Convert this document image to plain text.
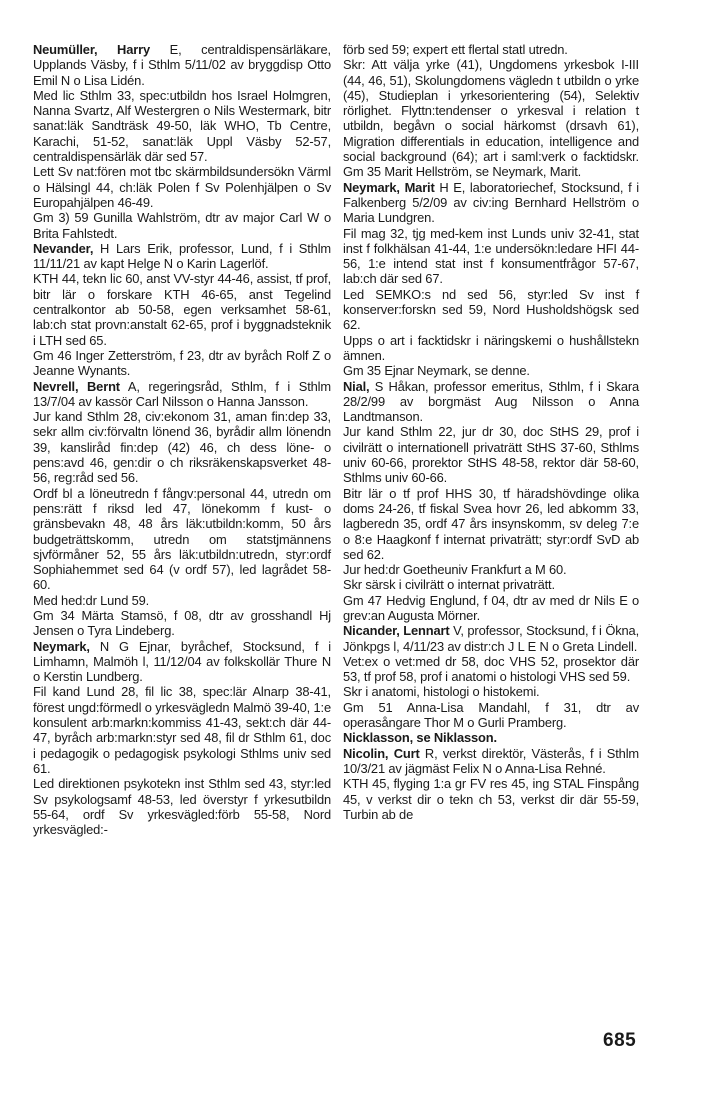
Neumüller, Harry E, centraldispensärläkare, Upplands Väsby, f i Sthlm 5/11/02 av bryggdisp Otto Emil N o Lisa Lidén.

Med lic Sthlm 33, spec:utbildn hos Israel Holmgren, Nanna Svartz, Alf Westergren o Nils Westermark, bitr sanat:läk Sandträsk 49-50, läk WHO, Tb Centre, Karachi, 51-52, sanat:läk Uppl Väsby 52-57, centraldispensärläk där sed 57.

Lett Sv nat:fören mot tbc skärmbildsundersökn Värml o Hälsingl 44, ch:läk Polen f Sv Polenhjälpen o Sv Europahjälpen 46-49.

Gm 3) 59 Gunilla Wahlström, dtr av major Carl W o Brita Fahlstedt.

Nevander, H Lars Erik, professor, Lund, f i Sthlm 11/11/21 av kapt Helge N o Karin Lagerlöf.

KTH 44, tekn lic 60, anst VV-styr 44-46, assist, tf prof, bitr lär o forskare KTH 46-65, anst Tegelind centralkontor ab 50-58, egen verksamhet 58-61, lab:ch stat provn:anstalt 62-65, prof i byggnadsteknik i LTH sed 65.

Gm 46 Inger Zetterström, f 23, dtr av byråch Rolf Z o Jeanne Wynants.

Nevrell, Bernt A, regeringsråd, Sthlm, f i Sthlm 13/7/04 av kassör Carl Nilsson o Hanna Jansson.

Jur kand Sthlm 28, civ:ekonom 31, aman fin:dep 33, sekr allm civ:förvaltn lönend 36, byrådir allm lönendn 39, kanslіråd fin:dep (42) 46, ch dess löne- o pens:avd 46, gen:dir o ch riksräkenskapsverket 48-56, reg:råd sed 56.

Ordf bl a löneutredn f fångv:personal 44, utredn om pens:rätt f riksd led 47, lönekomm f kust- o gränsbevakn 48, 48 års läk:utbildn:komm, 50 års budgeträttskomm, utredn om statstjmännens sjvförmåner 52, 55 års läk:utbildn:utredn, styr:ordf Sophiahemmet sed 64 (v ordf 57), led lagrådet 58-60.

Med hed:dr Lund 59.

Gm 34 Märta Stamsö, f 08, dtr av grosshandl Hj Jensen o Tyra Lindeberg.

Neymark, N G Ejnar, byråchef, Stocksund, f i Limhamn, Malmöh l, 11/12/04 av folkskollär Thure N o Kerstin Lundberg.

Fil kand Lund 28, fil lic 38, spec:lär Alnarp 38-41, förest ungd:förmedl o yrkesvägledn Malmö 39-40, 1:e konsulent arb:markn:kommiss 41-43, sekt:ch där 44-47, byråch arb:markn:styr sed 48, fil dr Sthlm 61, doc i pedagogik o pedagogisk psykologi Sthlms univ sed 61.

Led direktionen psykotekn inst Sthlm sed 43, styr:led Sv psykologsamf 48-53, led överstyr f yrkesutbildn 55-64, ordf Sv yrkesvägled:förb 55-58, Nord yrkesvägled:-

förb sed 59; expert ett flertal statl utredn.

Skr: Att välja yrke (41), Ungdomens yrkesbok I-III (44, 46, 51), Skolungdomens vägledn t utbildn o yrke (45), Studieplan i yrkesorientering (54), Selektiv rörlighet. Flyttn:tendenser o yrkesval i relation t utbildn, begåvn o social härkomst (drsavh 61), Migration differentials in education, intelligence and social background (64); art i saml:verk o facktidskr. Gm 35 Marit Hellström, se Neymark, Marit.

Neymark, Marit H E, laboratoriechef, Stocksund, f i Falkenberg 5/2/09 av civ:ing Bernhard Hellström o Maria Lundgren.

Fil mag 32, tjg med-kem inst Lunds univ 32-41, stat inst f folkhälsan 41-44, 1:e undersökn:ledare HFI 44-56, 1:e intend stat inst f konsumentfrågor 57-67, lab:ch där sed 67.

Led SEMKO:s nd sed 56, styr:led Sv inst f konserver:forskn sed 59, Nord Husholdshögsk sed 62.

Upps o art i facktidskr i näringskemi o hushållstekn ämnen.

Gm 35 Ejnar Neymark, se denne.

Nial, S Håkan, professor emeritus, Sthlm, f i Skara 28/2/99 av borgmäst Aug Nilsson o Anna Landtmanson.

Jur kand Sthlm 22, jur dr 30, doc StHS 29, prof i civilrätt o internationell privaträtt StHS 37-60, Sthlms univ 60-66, prorektor StHS 48-58, rektor där 58-60, Sthlms univ 60-66.

Bitr lär o tf prof HHS 30, tf häradshövdinge olika doms 24-26, tf fiskal Svea hovr 26, led abkomm 33, lagberedn 35, ordf 47 års insynskomm, sv deleg 7:e o 8:e Haagkonf f internat privaträtt; styr:ordf SvD ab sed 62.

Jur hed:dr Goetheuniv Frankfurt a M 60.

Skr särsk i civilrätt o internat privaträtt.

Gm 47 Hedvig Englund, f 04, dtr av med dr Nils E o grev:an Augusta Mörner.

Nicander, Lennart V, professor, Stocksund, f i Ökna, Jönkpgs l, 4/11/23 av distr:ch J L E N o Greta Lindell.

Vet:ex o vet:med dr 58, doc VHS 52, prosektor där 53, tf prof 58, prof i anatomi o histologi VHS sed 59.

Skr i anatomi, histologi o histokemi.

Gm 51 Anna-Lisa Mandahl, f 31, dtr av operasångare Thor M o Gurli Pramberg.

Nicklasson, se Niklasson.

Nicolin, Curt R, verkst direktör, Västerås, f i Sthlm 10/3/21 av jägmäst Felix N o Anna-Lisa Rehné.

KTH 45, flyging 1:a gr FV res 45, ing STAL Finspång 45, v verkst dir o tekn ch 53, verkst dir där 55-59, Turbin ab de

685
